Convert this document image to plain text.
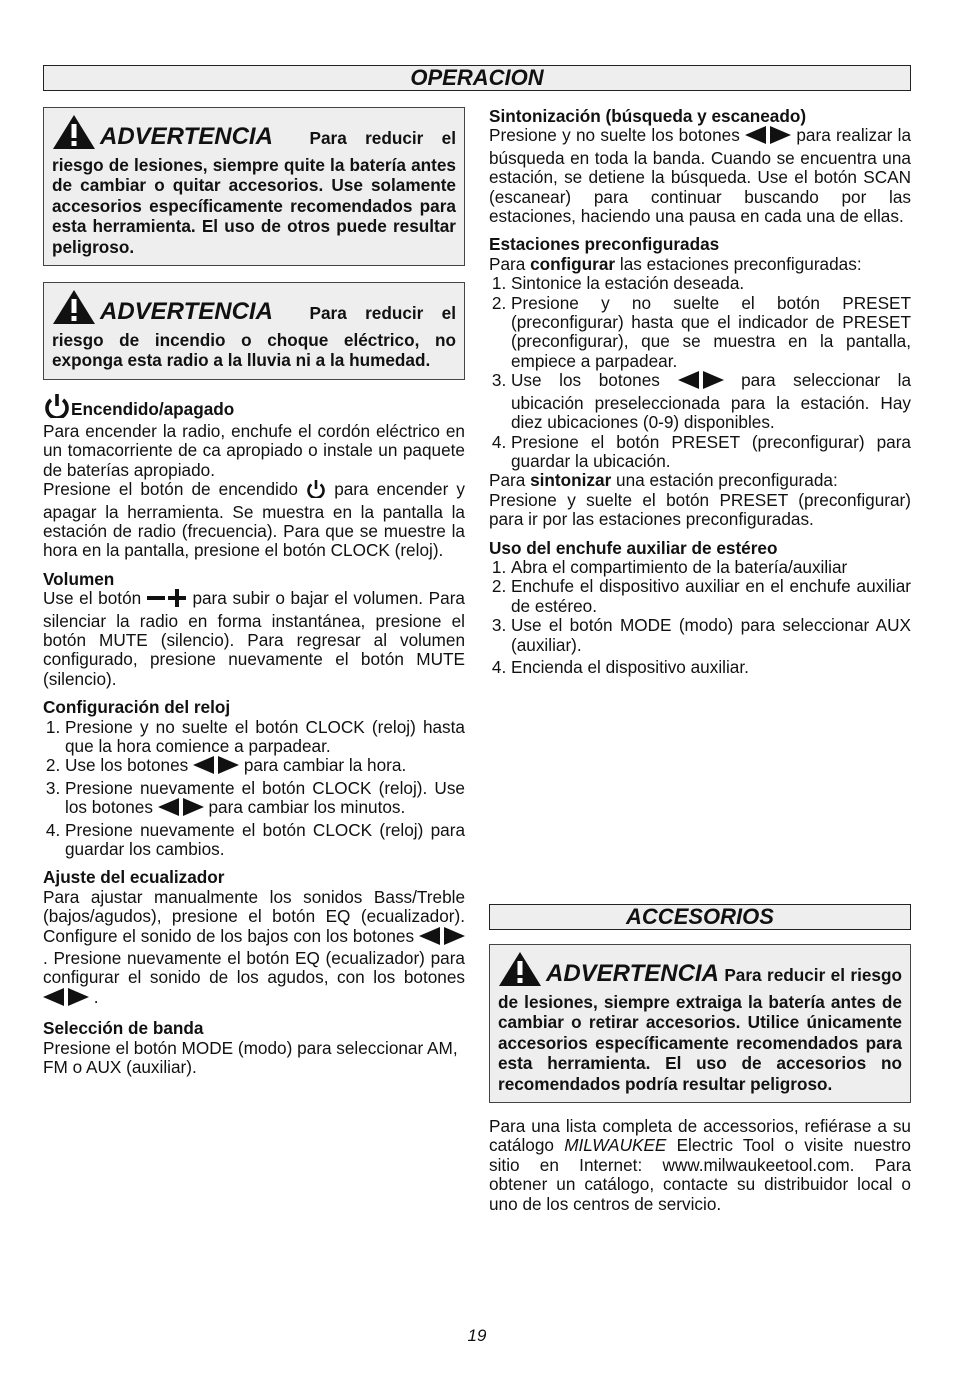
OPERACION
ADVERTENCIA Para reducir el riesgo de lesiones, siempre quite la batería antes de cambiar o quitar accesorios. Use solamente accesorios específicamente recomendados para esta herramienta. El uso de otros puede resultar peligroso.
ADVERTENCIA Para reducir el riesgo de incendio o choque eléctrico, no exponga esta radio a la lluvia ni a la humedad.
Encendido/apagado

Para encender la radio, enchufe el cordón eléctrico en un tomacorriente de ca apropiado o instale un paquete de baterías apropiado.

Presione el botón de encendido para encender y apagar la herramienta. Se muestra en la pantalla la estación de radio (frecuencia). Para que se muestre la hora en la pantalla, presione el botón CLOCK (reloj).

Volumen

Use el botón	para subir o bajar el volumen. Para silenciar la radio en forma instantánea, presione el botón MUTE (silencio). Para regresar al volumen configurado, presione nuevamente el botón MUTE (silencio).

Configuración del reloj
1. Presione y no suelte el botón CLOCK (reloj) hasta que la hora comience a parpadear.
2. Use los botones	para cambiar la hora.
3. Presione nuevamente el botón CLOCK (reloj). Use los botones	para cambiar los minutos.
4. Presione nuevamente el botón CLOCK (reloj) para guardar los cambios.
Ajuste del ecualizador

Para ajustar manualmente los sonidos Bass/Treble (bajos/agudos), presione el botón EQ (ecualizador). Configure el sonido de los bajos con los botones  . Presione nuevamente el botón EQ (ecualizador) para configurar el sonido de los agudos, con los botones  .

Selección de banda

Presione el botón MODE (modo) para seleccionar AM, FM o AUX (auxiliar).

Sintonización (búsqueda y escaneado)

Presione y no suelte los botones	para realizar la búsqueda en toda la banda. Cuando se encuentra una estación, se detiene la búsqueda. Use el botón SCAN (escanear) para continuar buscando por las estaciones, haciendo una pausa en cada una de ellas.

Estaciones preconfiguradas

Para configurar las estaciones preconfiguradas:

1. Sintonice la estación deseada.
2. Presione y no suelte el botón PRESET (preconfigurar) hasta que el indicador de PRESET (preconfigurar), que se muestra en la pantalla, empiece a parpadear.
3. Use los botones	para seleccionar la ubicación preseleccionada para la estación. Hay diez ubicaciones (0-9) disponibles.
4. Presione el botón PRESET (preconfigurar) para guardar la ubicación.

Para sintonizar una estación preconfigurada:

Presione y suelte el botón PRESET (preconfigurar) para ir por las estaciones preconfiguradas.

Uso del enchufe auxiliar de estéreo
1. Abra el compartimiento de la batería/auxiliar
2. Enchufe el dispositivo auxiliar en el enchufe auxiliar de estéreo.
3. Use el botón MODE (modo) para seleccionar AUX (auxiliar).
4. Encienda el dispositivo auxiliar.
ACCESORIOS
ADVERTENCIA Para reducir el riesgo de lesiones, siempre extraiga la batería antes de cambiar o retirar accesorios. Utilice únicamente accesorios específicamente recomendados para esta herramienta. El uso de accesorios no recomendados podría resultar peligroso.

Para una lista completa de accessorios, refiérase a su catálogo MILWAUKEE Electric Tool o visite nuestro sitio en Internet: www.milwaukeetool.com. Para obtener un catálogo, contacte su distribuidor local o uno de los centros de servicio.

19
